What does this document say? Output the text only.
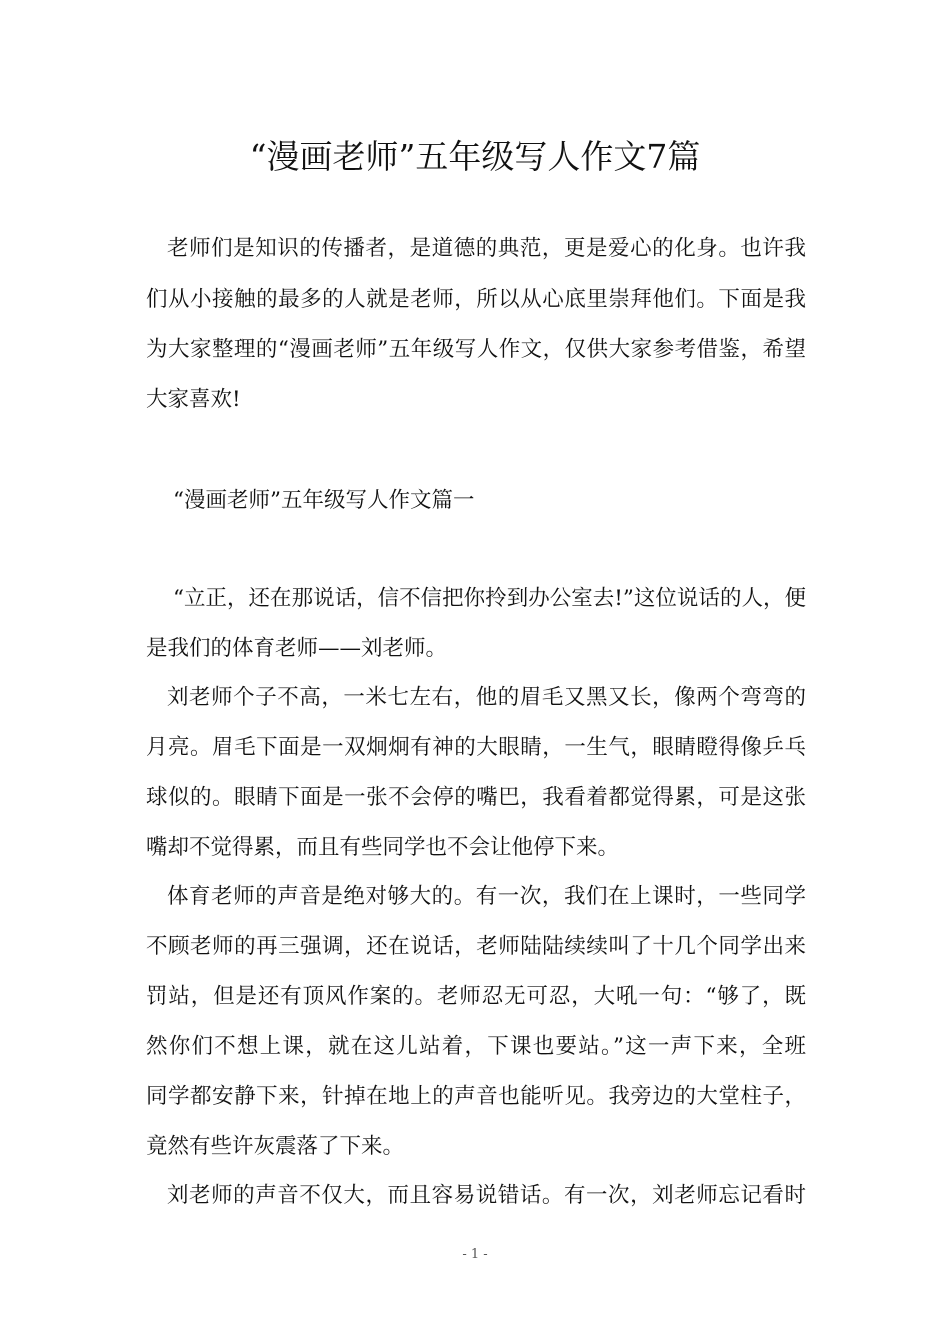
“漫画老师”五年级写人作文7篇
老师们是知识的传播者，是道德的典范，更是爱心的化身。也许我
们从小接触的最多的人就是老师，所以从心底里崇拜他们。下面是我
为大家整理的“漫画老师”五年级写人作文，仅供大家参考借鉴，希望
大家喜欢!
“漫画老师”五年级写人作文篇一
“立正，还在那说话，信不信把你拎到办公室去!”这位说话的人，便
是我们的体育老师——刘老师。
刘老师个子不高，一米七左右，他的眉毛又黑又长，像两个弯弯的
月亮。眉毛下面是一双炯炯有神的大眼睛，一生气，眼睛瞪得像乒乓
球似的。眼睛下面是一张不会停的嘴巴，我看着都觉得累，可是这张
嘴却不觉得累，而且有些同学也不会让他停下来。
体育老师的声音是绝对够大的。有一次，我们在上课时，一些同学
不顾老师的再三强调，还在说话，老师陆陆续续叫了十几个同学出来
罚站，但是还有顶风作案的。老师忍无可忍，大吼一句：“够了，既
然你们不想上课，就在这儿站着，下课也要站。”这一声下来，全班
同学都安静下来，针掉在地上的声音也能听见。我旁边的大堂柱子，
竟然有些许灰震落了下来。
刘老师的声音不仅大，而且容易说错话。有一次，刘老师忘记看时
- 1 -
